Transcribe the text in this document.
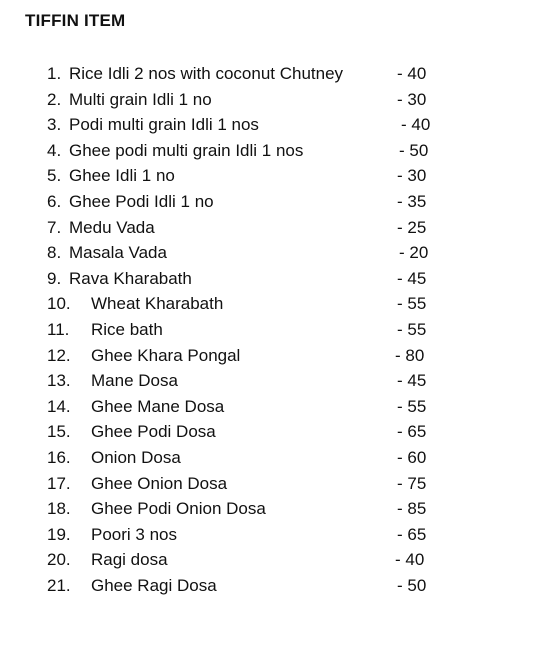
TIFFIN ITEM
1. Rice Idli 2 nos with coconut Chutney	- 40
2. Multi grain Idli 1 no	- 30
3. Podi multi grain Idli 1 nos	- 40
4. Ghee podi multi grain Idli 1 nos	- 50
5. Ghee Idli 1 no	- 30
6. Ghee Podi Idli 1 no	- 35
7. Medu Vada	- 25
8. Masala Vada	- 20
9. Rava Kharabath	- 45
10. Wheat Kharabath	- 55
11. Rice bath	- 55
12. Ghee Khara Pongal	- 80
13. Mane Dosa	- 45
14. Ghee Mane Dosa	- 55
15. Ghee Podi Dosa	- 65
16. Onion Dosa	- 60
17. Ghee Onion Dosa	- 75
18. Ghee Podi Onion Dosa	- 85
19. Poori 3 nos	- 65
20. Ragi dosa	- 40
21. Ghee Ragi Dosa	- 50
